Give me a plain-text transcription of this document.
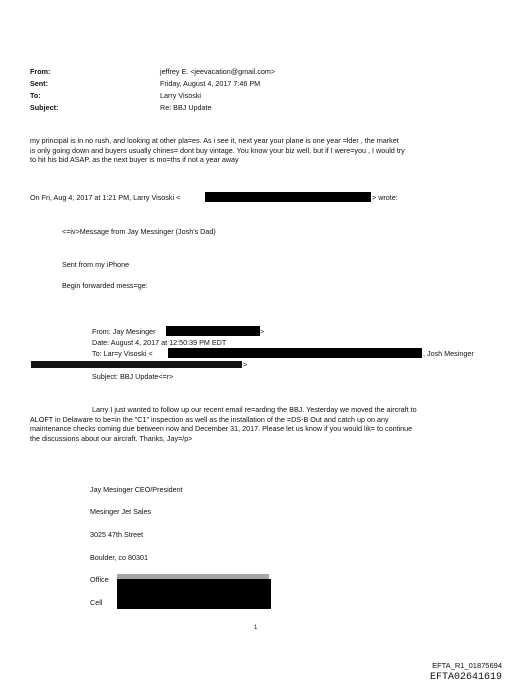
From:	jeffrey E. <jeevacation@gmail.com>
Sent:	Friday, August 4, 2017 7:46 PM
To:	Larry Visoski
Subject:	Re: BBJ Update
my principal is in no rush, and looking at other pla=es. As i see it, next year your plane is one year =lder , the market
is only going down and buyers usually chines= dont buy vintage. You know your biz well, but if I were=you , I would try
to hit his bid ASAP. as the next buyer is mo=ths if not a year away
On Fri, Aug 4, 2017 at 1:21 PM, Larry Visoski <	> wrote:
<=iv>Message from Jay Messinger (Josh's Dad)
Sent from my iPhone
Begin forwarded mess=ge:
From: Jay Mesinger	>
Date: August 4, 2017 at 12:50:39 PM EDT
To: Lar=y Visoski <	, Josh Mesinger
>
Subject: BBJ Update<=r>
Larry I just wanted to follow up our recent email re=arding the BBJ. Yesterday we moved the aircraft to
ALOFT in Delaware to be=in the "C1" inspection as well as the installation of the =DS-B Out and catch up on any
maintenance checks coming due between now and December 31, 2017. Please let us know if you would lik= to continue
the discussions about our aircraft. Thanks, Jay=/p>
Jay Mesinger CEO/President
Mesinger Jet Sales
3025 47th Street
Boulder, co 80301
Office
Cell
1
EFTA_R1_01875694
EFTA02641619
